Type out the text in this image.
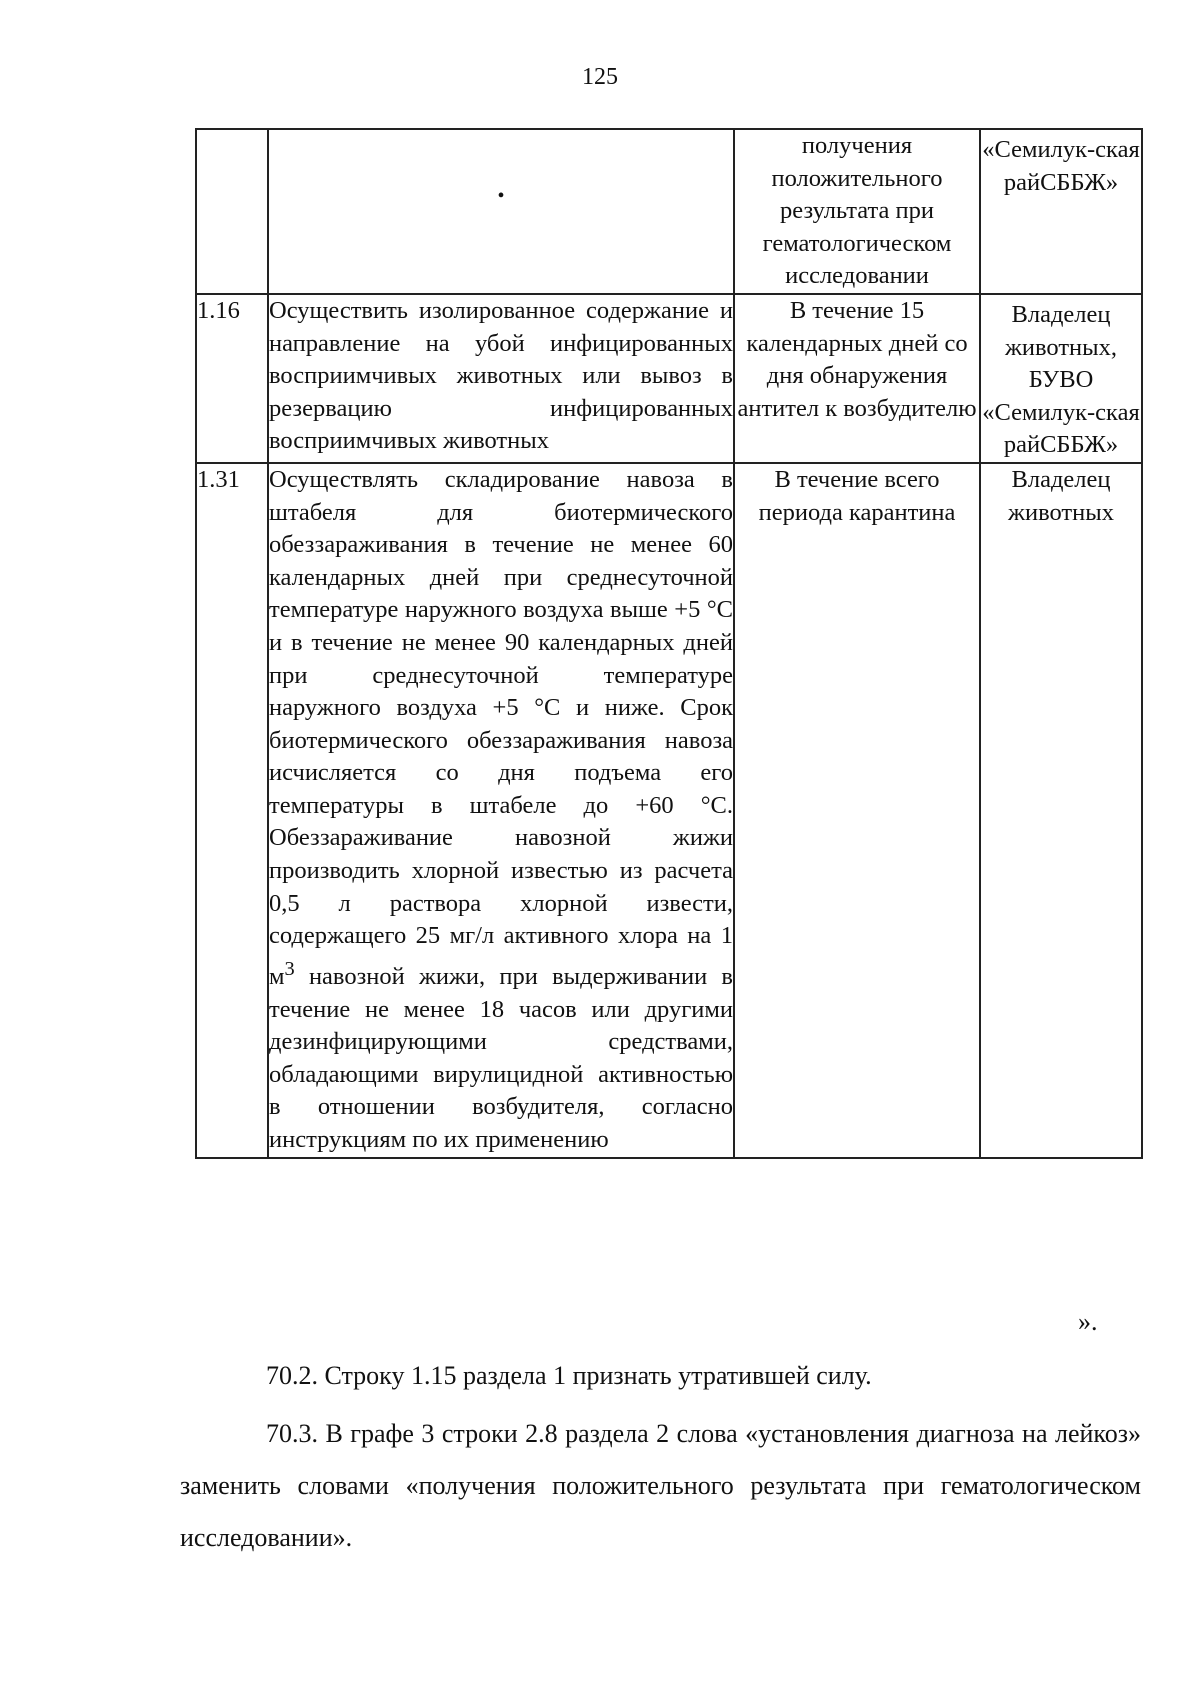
125

	•	получения положительного результата при гематологическом исследовании	«Семилук-ская райСББЖ»
1.16	Осуществить изолированное содержание и направление на убой инфицированных восприимчивых животных или вывоз в резервацию инфицированных восприимчивых животных	В течение 15 календарных дней со дня обнаружения антител к возбудителю	Владелец животных, БУВО «Семилук-ская райСББЖ»
1.31	Осуществлять складирование навоза в штабеля для биотермического обеззараживания в течение не менее 60 календарных дней при среднесуточной температуре наружного воздуха выше +5 °С и в течение не менее 90 календарных дней при среднесуточной температуре наружного воздуха +5 °С и ниже. Срок биотермического обеззараживания навоза исчисляется со дня подъема его температуры в штабеле до +60 °С. Обеззараживание навозной жижи производить хлорной известью из расчета 0,5 л раствора хлорной извести, содержащего 25 мг/л активного хлора на 1 $м^3$ навозной жижи, при выдерживании в течение не менее 18 часов или другими дезинфицирующими средствами, обладающими вирулицидной активностью в отношении возбудителя, согласно инструкциям по их применению	В течение всего периода карантина	Владелец животных
».

70.2. Строку 1.15 раздела 1 признать утратившей силу.

70.3. В графе 3 строки 2.8 раздела 2 слова «установления диагноза на лейкоз» заменить словами «получения положительного результата при гематологическом исследовании».
